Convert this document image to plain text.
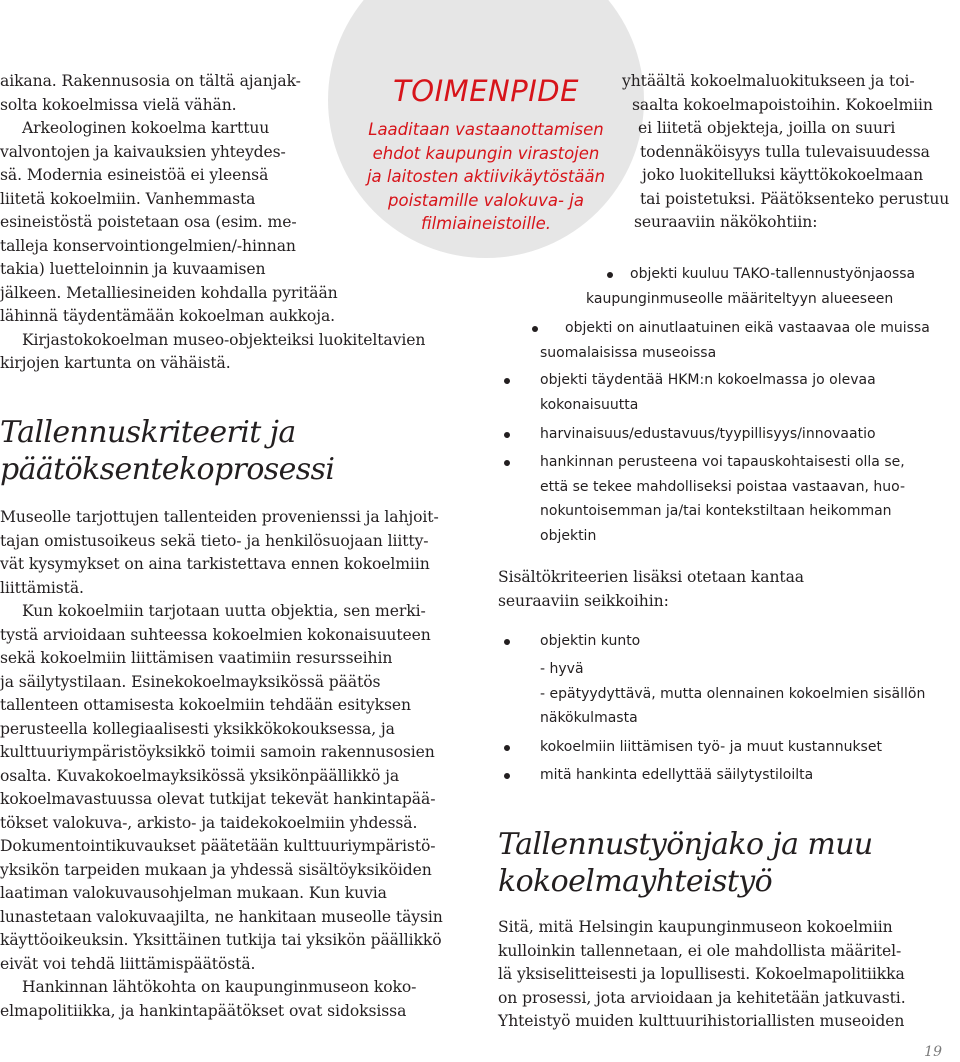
TOIMENPIDE
Laaditaan vastaanottamisen
ehdot kaupungin virastojen
ja laitosten aktiivikäytöstään
poistamille valokuva- ja
filmiaineistoille.
aikana. Rakennusosia on tältä ajanjak-
solta kokoelmissa vielä vähän.
Arkeologinen kokoelma karttuu
valvontojen ja kaivauksien yhteydes-
sä. Modernia esineistöä ei yleensä
liitetä kokoelmiin. Vanhemmasta
esineistöstä poistetaan osa (esim. me-
talleja konservointiongelmien/-hinnan
takia) luetteloinnin ja kuvaamisen
jälkeen. Metalliesineiden kohdalla pyritään
lähinnä täydentämään kokoelman aukkoja.
Kirjastokokoelman museo-objekteiksi luokiteltavien
kirjojen kartunta on vähäistä.
Tallennuskriteerit ja
päätöksentekoprosessi
Museolle tarjottujen tallenteiden provenienssi ja lahjoit-
tajan omistusoikeus sekä tieto- ja henkilösuojaan liitty-
vät kysymykset on aina tarkistettava ennen kokoelmiin
liittämistä.
Kun kokoelmiin tarjotaan uutta objektia, sen merki-
tystä arvioidaan suhteessa kokoelmien kokonaisuuteen
sekä kokoelmiin liittämisen vaatimiin resursseihin
ja säilytystilaan. Esinekokoelmayksikössä päätös
tallenteen ottamisesta kokoelmiin tehdään esityksen
perusteella kollegiaalisesti yksikkökokouksessa, ja
kulttuuriympäristöyksikkö toimii samoin rakennusosien
osalta. Kuvakokoelmayksikössä yksikönpäällikkö ja
kokoelmavastuussa olevat tutkijat tekevät hankintapää-
tökset valokuva-, arkisto- ja taidekokoelmiin yhdessä.
Dokumentointikuvaukset päätetään kulttuuriympäristö-
yksikön tarpeiden mukaan ja yhdessä sisältöyksiköiden
laatiman valokuvausohjelman mukaan. Kun kuvia
lunastetaan valokuvaajilta, ne hankitaan museolle täysin
käyttöoikeuksin. Yksittäinen tutkija tai yksikön päällikkö
eivät voi tehdä liittämispäätöstä.
Hankinnan lähtökohta on kaupunginmuseon koko-
elmapolitiikka, ja hankintapäätökset ovat sidoksissa
yhtäältä kokoelmaluokitukseen ja toi-
saalta kokoelmapoistoihin. Kokoelmiin
ei liitetä objekteja, joilla on suuri
todennäköisyys tulla tulevaisuudessa
joko luokitelluksi käyttökokoelmaan
tai poistetuksi. Päätöksenteko perustuu
seuraaviin näkökohtiin:
objekti kuuluu TAKO-tallennustyönjaossa
kaupunginmuseolle määriteltyyn alueeseen
objekti on ainutlaatuinen eikä vastaavaa ole muissa
suomalaisissa museoissa
objekti täydentää HKM:n kokoelmassa jo olevaa
kokonaisuutta
harvinaisuus/edustavuus/tyypillisyys/innovaatio
hankinnan perusteena voi tapauskohtaisesti olla se,
että se tekee mahdolliseksi poistaa vastaavan, huo-
nokuntoisemman ja/tai kontekstiltaan heikomman
objektin
Sisältökriteerien lisäksi otetaan kantaa
seuraaviin seikkoihin:
objektin kunto
- hyvä
- epätyydyttävä, mutta olennainen kokoelmien sisällön
näkökulmasta
kokoelmiin liittämisen työ- ja muut kustannukset
mitä hankinta edellyttää säilytystiloilta
Tallennustyönjako ja muu
kokoelmayhteistyö
Sitä, mitä Helsingin kaupunginmuseon kokoelmiin
kulloinkin tallennetaan, ei ole mahdollista määritel-
lä yksiselitteisesti ja lopullisesti. Kokoelmapolitiikka
on prosessi, jota arvioidaan ja kehitetään jatkuvasti.
Yhteistyö muiden kulttuurihistoriallisten museoiden
19
